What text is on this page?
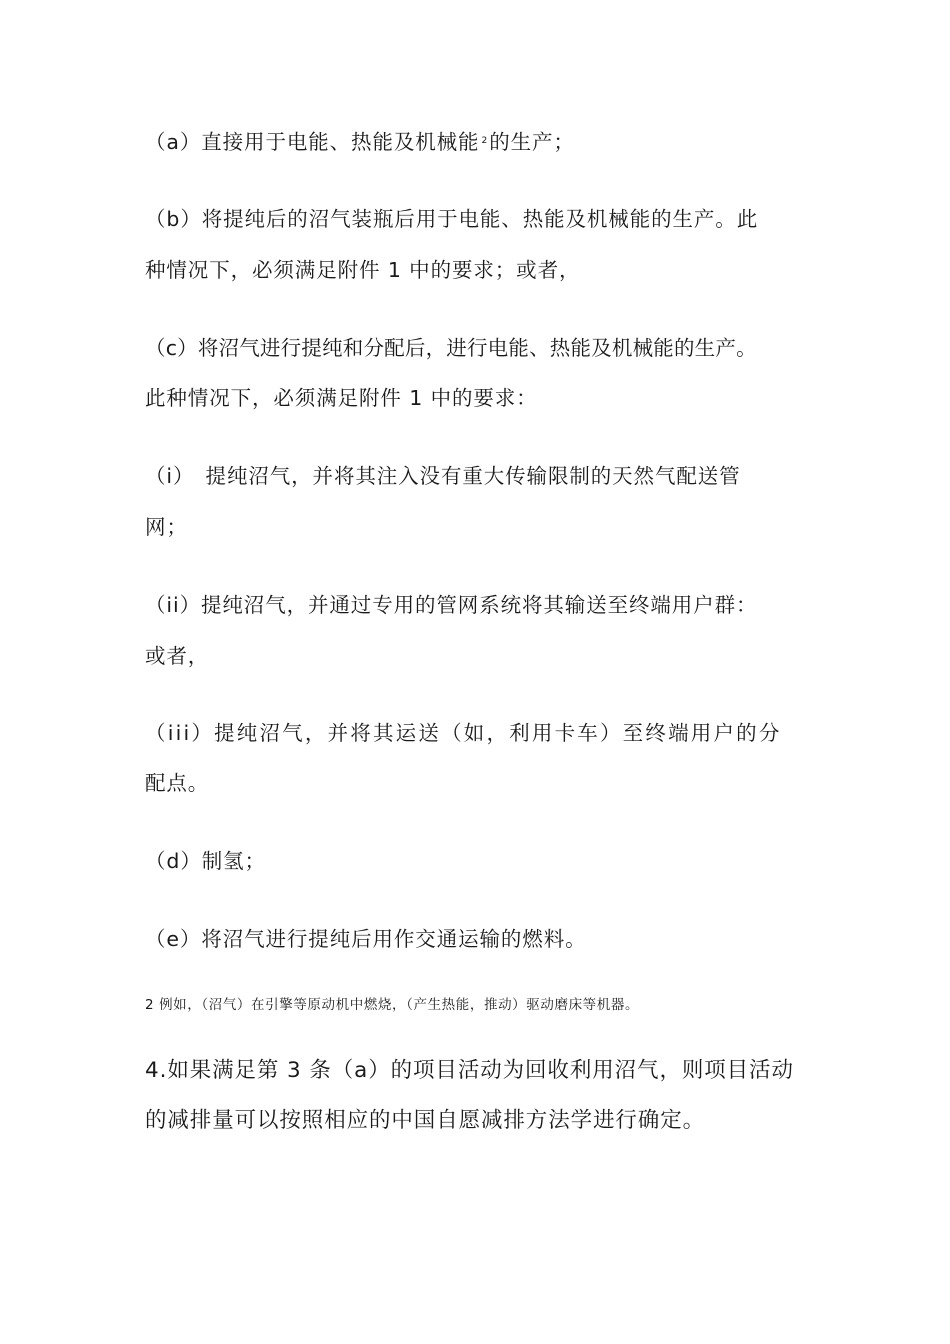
（a）直接用于电能、热能及机械能 $^2$的生产；
（b）将提纯后的沼气装瓶后用于电能、热能及机械能的生产。此
种情况下，必须满足附件 1 中的要求；或者，
（c）将沼气进行提纯和分配后，进行电能、热能及机械能的生产。
此种情况下，必须满足附件 1 中的要求：
（i）　提纯沼气，并将其注入没有重大传输限制的天然气配送管
网；
（ii）提纯沼气，并通过专用的管网系统将其输送至终端用户群：
或者，
（iii）提纯沼气，并将其运送（如，利用卡车）至终端用户的分
配点。
（d）制氢；
（e）将沼气进行提纯后用作交通运输的燃料。
2 例如，（沼气）在引擎等原动机中燃烧，（产生热能，推动）驱动磨床等机器。
4.如果满足第 3 条（a）的项目活动为回收利用沼气，则项目活动
的减排量可以按照相应的中国自愿减排方法学进行确定。
